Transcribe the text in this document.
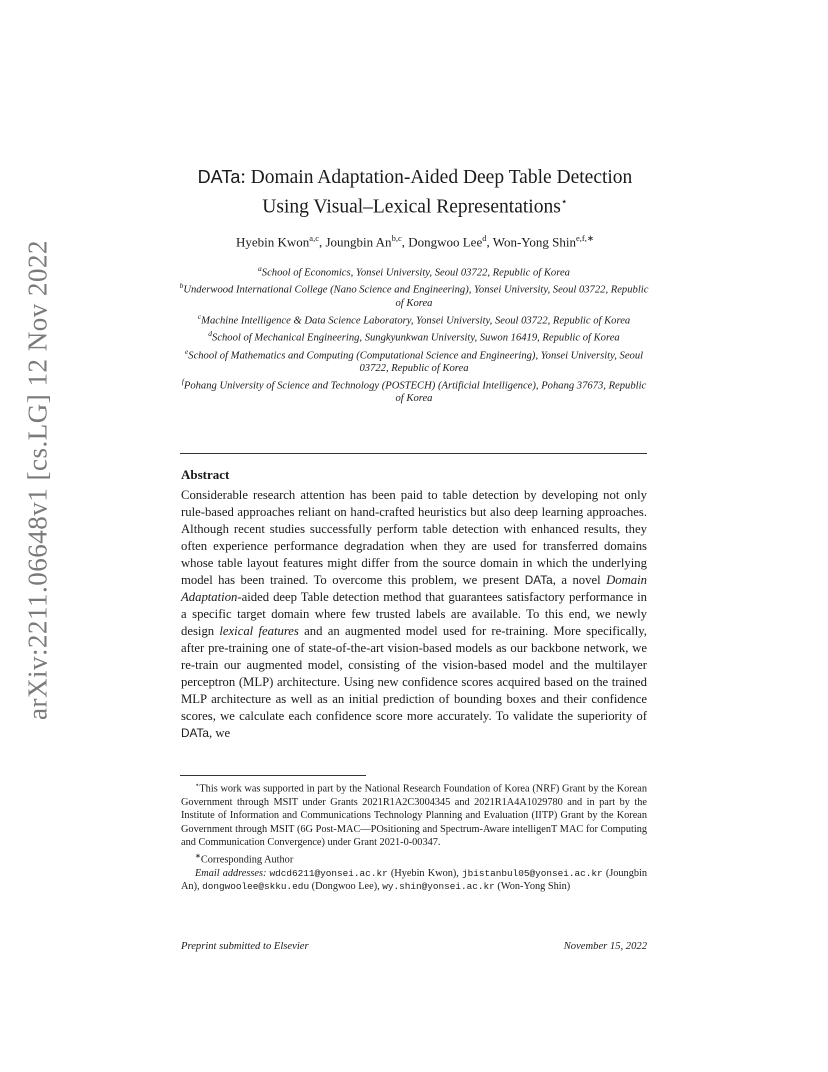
arXiv:2211.06648v1 [cs.LG] 12 Nov 2022
DATa: Domain Adaptation-Aided Deep Table Detection
Using Visual–Lexical Representations⋆
Hyebin Kwon$^{a,c}$, Joungbin An$^{b,c}$, Dongwoo Lee$^d$, Won-Yong Shin$^{e,f,∗}$

$^a$School of Economics, Yonsei University, Seoul 03722, Republic of Korea

$^b$Underwood International College (Nano Science and Engineering), Yonsei University, Seoul 03722, Republic of Korea

$^c$Machine Intelligence & Data Science Laboratory, Yonsei University, Seoul 03722, Republic of Korea

$^d$School of Mechanical Engineering, Sungkyunkwan University, Suwon 16419, Republic of Korea

$^e$School of Mathematics and Computing (Computational Science and Engineering), Yonsei University, Seoul 03722, Republic of Korea

$^f$Pohang University of Science and Technology (POSTECH) (Artificial Intelligence), Pohang 37673, Republic of Korea

Abstract

Considerable research attention has been paid to table detection by developing not only rule-based approaches reliant on hand-crafted heuristics but also deep learning approaches. Although recent studies successfully perform table detection with enhanced results, they often experience performance degradation when they are used for transferred domains whose table layout features might differ from the source domain in which the underlying model has been trained. To overcome this problem, we present DATa, a novel Domain Adaptation-aided deep Table detection method that guarantees satisfactory performance in a specific target domain where few trusted labels are available. To this end, we newly design lexical features and an augmented model used for re-training. More specifically, after pre-training one of state-of-the-art vision-based models as our backbone network, we re-train our augmented model, consisting of the vision-based model and the multilayer perceptron (MLP) architecture. Using new confidence scores acquired based on the trained MLP architecture as well as an initial prediction of bounding boxes and their confidence scores, we calculate each confidence score more accurately. To validate the superiority of DATa, we

⋆This work was supported in part by the National Research Foundation of Korea (NRF) Grant by the Korean Government through MSIT under Grants 2021R1A2C3004345 and 2021R1A4A1029780 and in part by the Institute of Information and Communications Technology Planning and Evaluation (IITP) Grant by the Korean Government through MSIT (6G Post-MAC—POsitioning and Spectrum-Aware intelligenT MAC for Computing and Communication Convergence) under Grant 2021-0-00347.

∗Corresponding Author

Email addresses: wdcd6211@yonsei.ac.kr (Hyebin Kwon), jbistanbul05@yonsei.ac.kr (Joungbin An), dongwoolee@skku.edu (Dongwoo Lee), wy.shin@yonsei.ac.kr (Won-Yong Shin)

Preprint submitted to Elsevier	November 15, 2022
